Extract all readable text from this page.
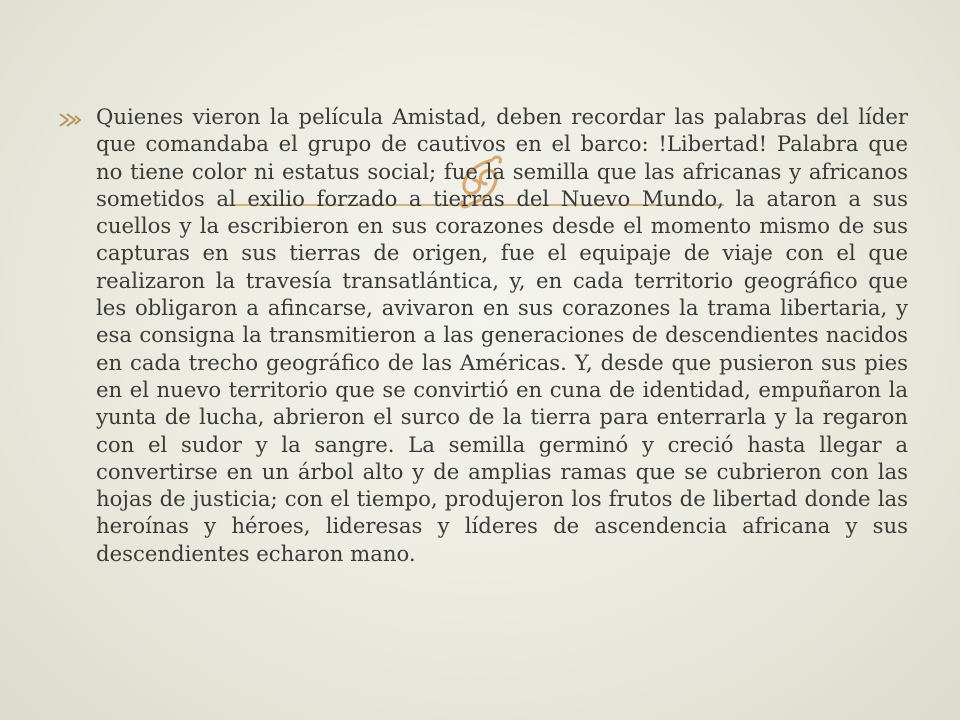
Quienes vieron la película Amistad, deben recordar las palabras del líder que comandaba el grupo de cautivos en el barco: !Libertad! Palabra que no tiene color ni estatus social; fue la semilla que las africanas y africanos sometidos al exilio forzado a tierras del Nuevo Mundo, la ataron a sus cuellos y la escribieron en sus corazones desde el momento mismo de sus capturas en sus tierras de origen, fue el equipaje de viaje con el que realizaron la travesía transatlántica, y, en cada territorio geográfico que les obligaron a afincarse, avivaron en sus corazones la trama libertaria, y esa consigna la transmitieron a las generaciones de descendientes nacidos en cada trecho geográfico de las Américas. Y, desde que pusieron sus pies en el nuevo territorio que se convirtió en cuna de identidad, empuñaron la yunta de lucha, abrieron el surco de la tierra para enterrarla y la regaron con el sudor y la sangre. La semilla germinó y creció hasta llegar a convertirse en un árbol alto y de amplias ramas que se cubrieron con las hojas de justicia; con el tiempo, produjeron los frutos de libertad donde las heroínas y héroes, lideresas y líderes de ascendencia africana y sus descendientes echaron mano.
